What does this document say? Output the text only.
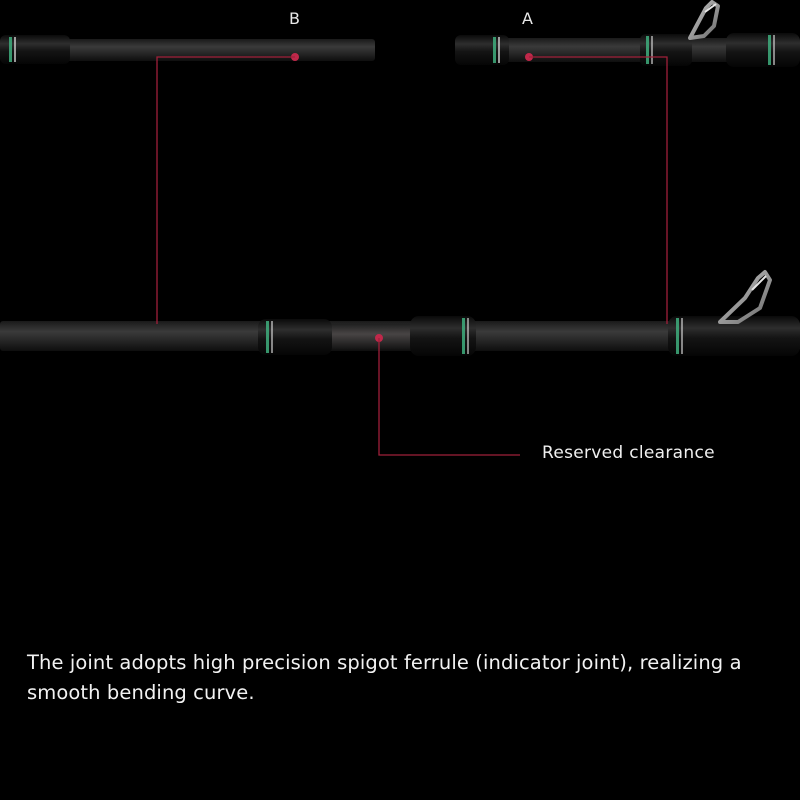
B	A
Reserved clearance
The joint adopts high precision spigot ferrule (indicator joint), realizing a smooth bending curve.
